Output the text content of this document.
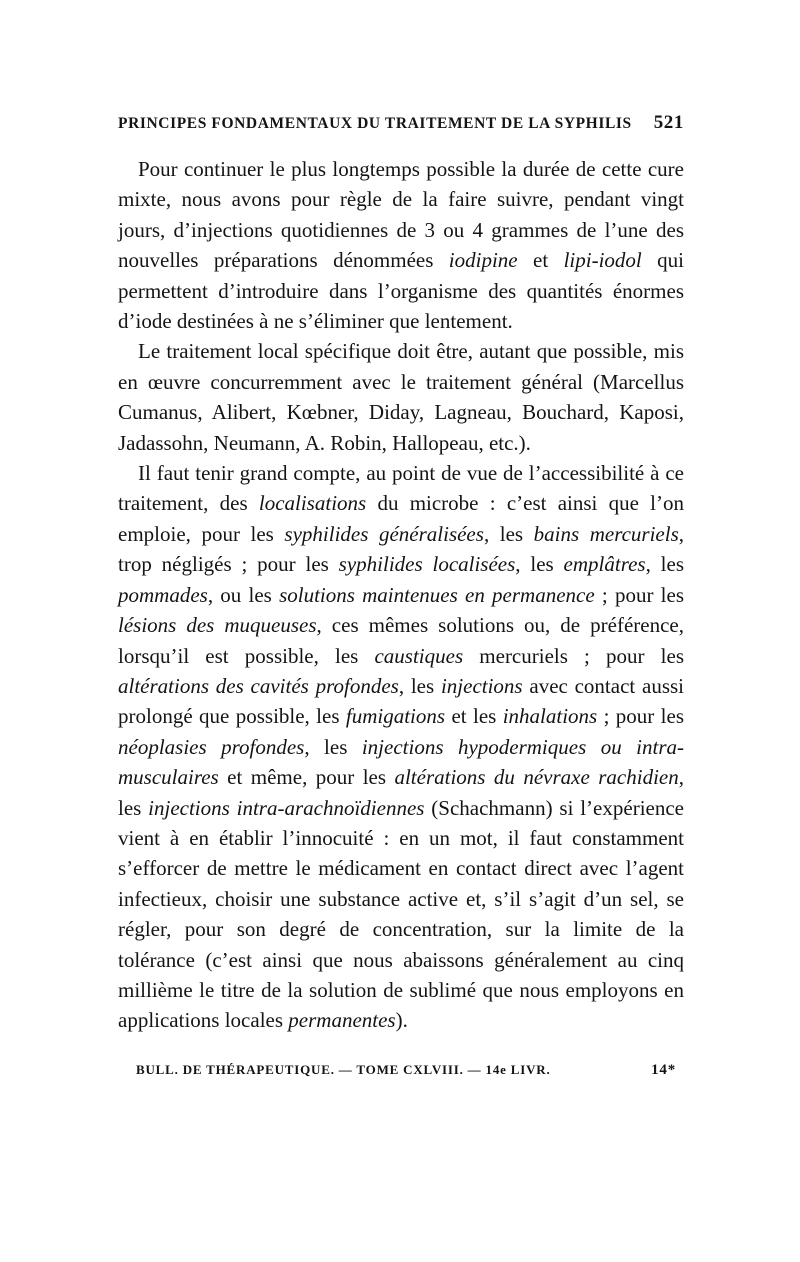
PRINCIPES FONDAMENTAUX DU TRAITEMENT DE LA SYPHILIS 521

Pour continuer le plus longtemps possible la durée de cette cure mixte, nous avons pour règle de la faire suivre, pendant vingt jours, d’injections quotidiennes de 3 ou 4 grammes de l’une des nouvelles préparations dénommées iodipine et lipi-iodol qui permettent d’introduire dans l’organisme des quantités énormes d’iode destinées à ne s’éliminer que lentement.

Le traitement local spécifique doit être, autant que possible, mis en œuvre concurremment avec le traitement général (Marcellus Cumanus, Alibert, Kœbner, Diday, Lagneau, Bouchard, Kaposi, Jadassohn, Neumann, A. Robin, Hallopeau, etc.).

Il faut tenir grand compte, au point de vue de l’accessibilité à ce traitement, des localisations du microbe : c’est ainsi que l’on emploie, pour les syphilides généralisées, les bains mercuriels, trop négligés ; pour les syphilides localisées, les emplâtres, les pommades, ou les solutions maintenues en permanence ; pour les lésions des muqueuses, ces mêmes solutions ou, de préférence, lorsqu’il est possible, les caustiques mercuriels ; pour les altérations des cavités profondes, les injections avec contact aussi prolongé que possible, les fumigations et les inhalations ; pour les néoplasies profondes, les injections hypodermiques ou intra-musculaires et même, pour les altérations du névraxe rachidien, les injections intra-arachnoïdiennes (Schachmann) si l’expérience vient à en établir l’innocuité : en un mot, il faut constamment s’efforcer de mettre le médicament en contact direct avec l’agent infectieux, choisir une substance active et, s’il s’agit d’un sel, se régler, pour son degré de concentration, sur la limite de la tolérance (c’est ainsi que nous abaissons généralement au cinq millième le titre de la solution de sublimé que nous employons en applications locales permanentes).

BULL. DE THÉRAPEUTIQUE. — TOME CXLVIII. — 14e LIVR.	14*
